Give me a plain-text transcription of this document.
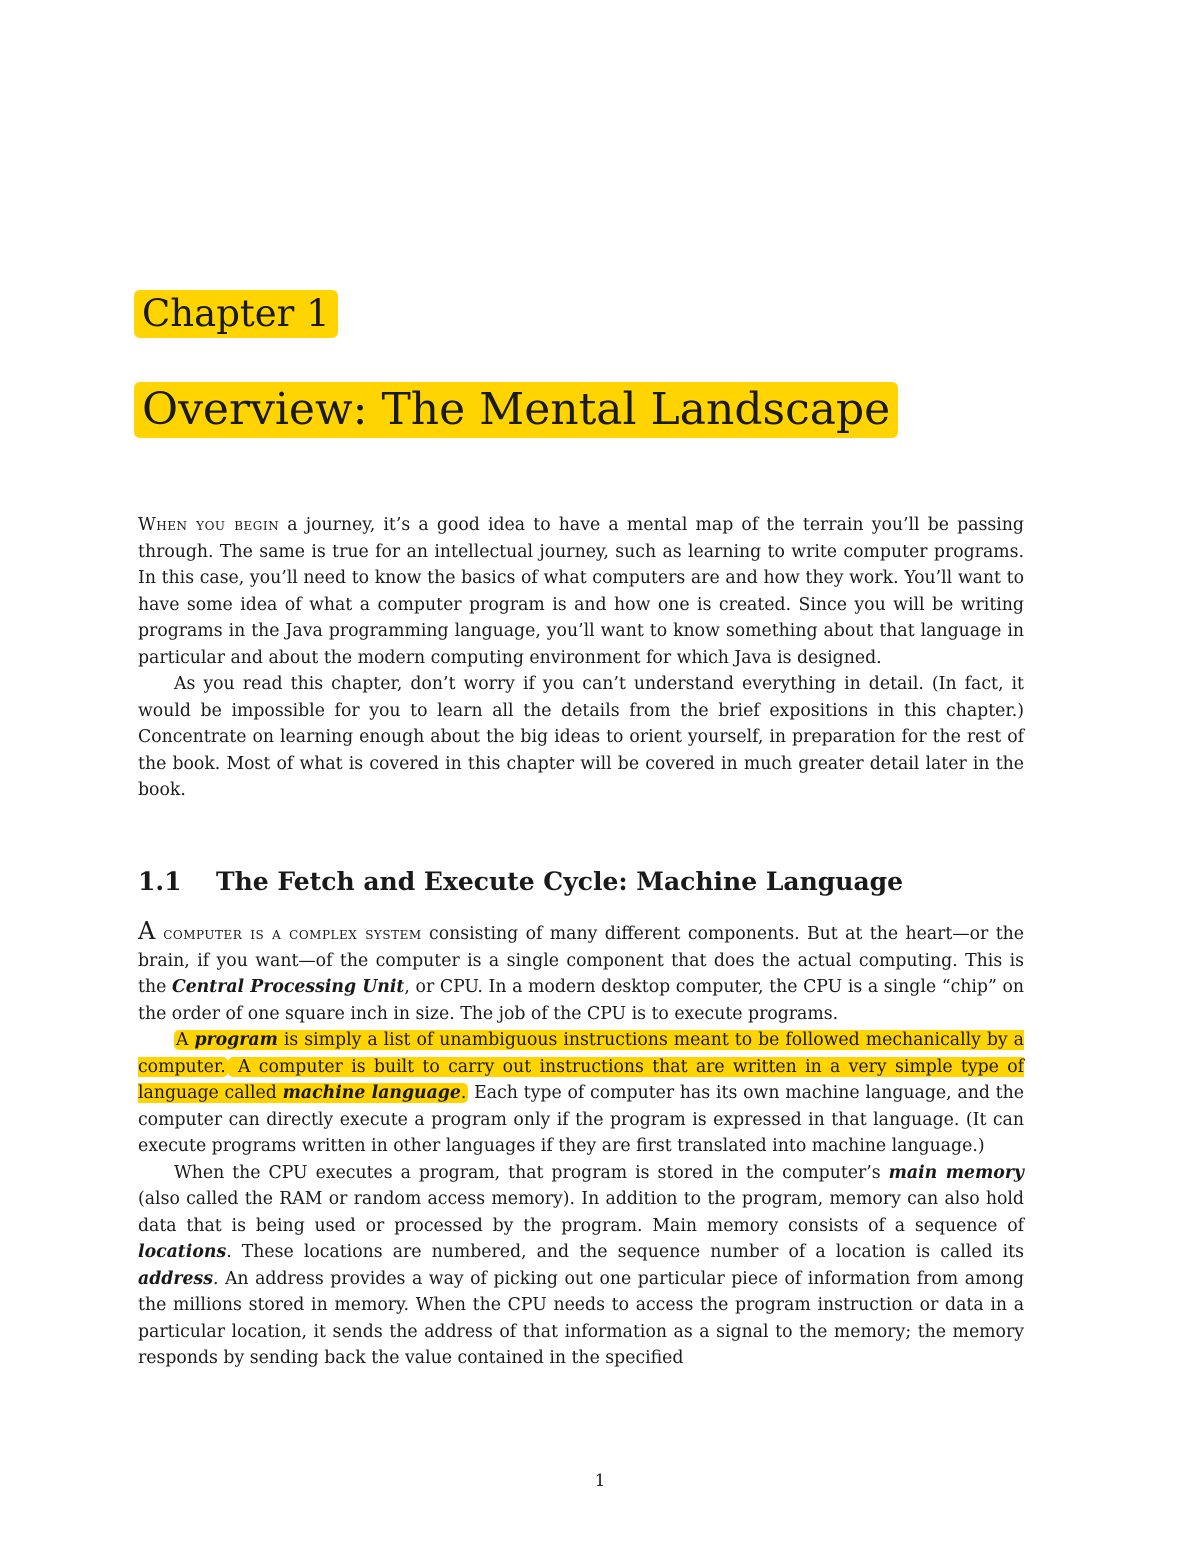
Chapter 1
Overview: The Mental Landscape

When you begin a journey, it’s a good idea to have a mental map of the terrain you’ll be passing through. The same is true for an intellectual journey, such as learning to write computer programs. In this case, you’ll need to know the basics of what computers are and how they work. You’ll want to have some idea of what a computer program is and how one is created. Since you will be writing programs in the Java programming language, you’ll want to know something about that language in particular and about the modern computing environment for which Java is designed.

As you read this chapter, don’t worry if you can’t understand everything in detail. (In fact, it would be impossible for you to learn all the details from the brief expositions in this chapter.) Concentrate on learning enough about the big ideas to orient yourself, in preparation for the rest of the book. Most of what is covered in this chapter will be covered in much greater detail later in the book.

1.1 The Fetch and Execute Cycle: Machine Language

A computer is a complex system consisting of many different components. But at the heart—or the brain, if you want—of the computer is a single component that does the actual computing. This is the Central Processing Unit, or CPU. In a modern desktop computer, the CPU is a single “chip” on the order of one square inch in size. The job of the CPU is to execute programs.

A program is simply a list of unambiguous instructions meant to be followed mechanically by a computer. A computer is built to carry out instructions that are written in a very simple type of language called machine language. Each type of computer has its own machine language, and the computer can directly execute a program only if the program is expressed in that language. (It can execute programs written in other languages if they are first translated into machine language.)

When the CPU executes a program, that program is stored in the computer’s main memory (also called the RAM or random access memory). In addition to the program, memory can also hold data that is being used or processed by the program. Main memory consists of a sequence of locations. These locations are numbered, and the sequence number of a location is called its address. An address provides a way of picking out one particular piece of information from among the millions stored in memory. When the CPU needs to access the program instruction or data in a particular location, it sends the address of that information as a signal to the memory; the memory responds by sending back the value contained in the specified

1
